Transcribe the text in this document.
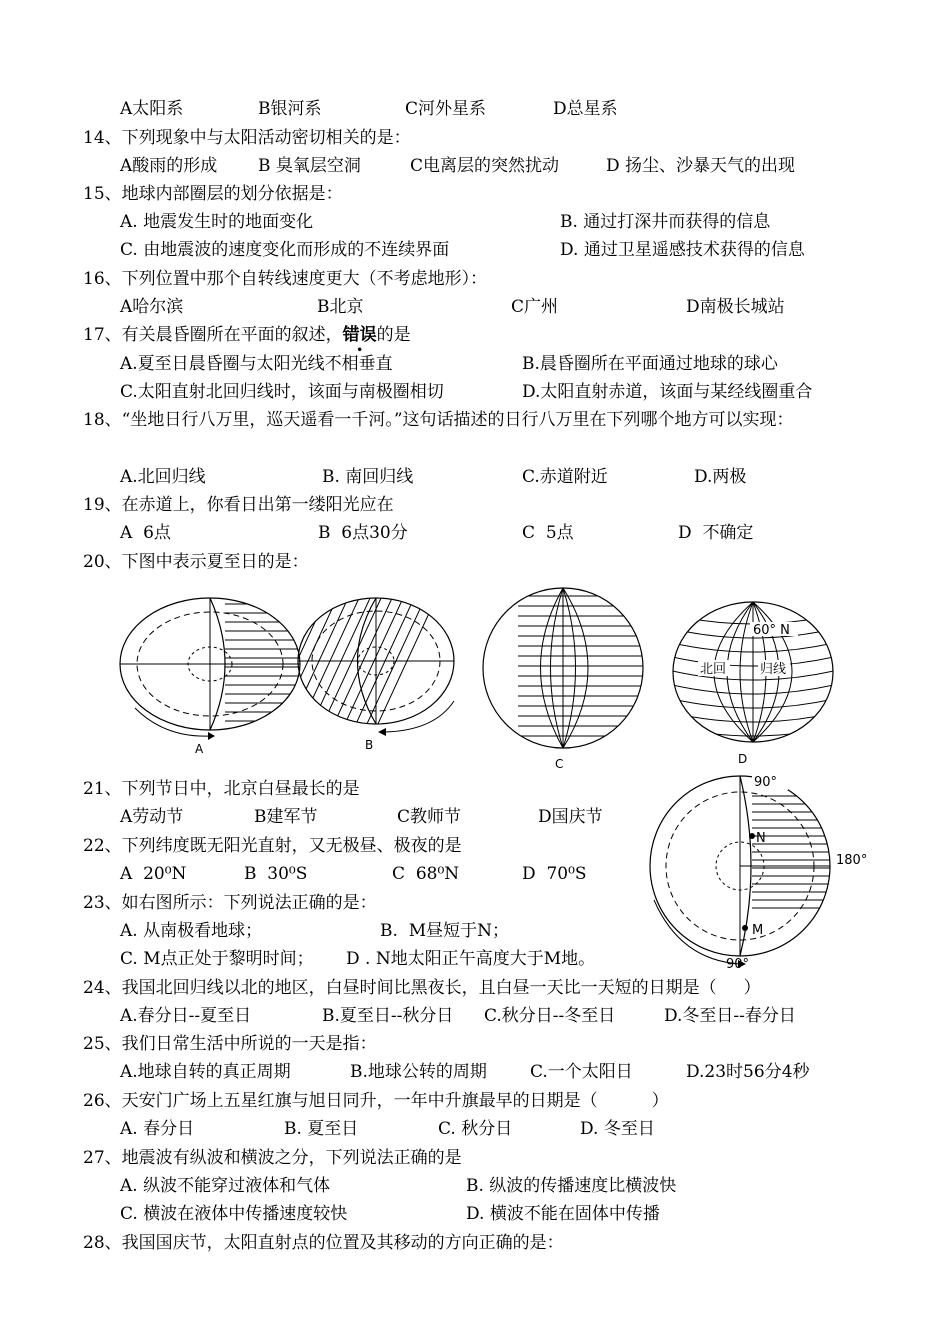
A太阳系	B银河系	C河外星系	D总星系
14、下列现象中与太阳活动密切相关的是：
A酸雨的形成 B 臭氧层空洞	C电离层的突然扰动	D 扬尘、沙暴天气的出现
15、地球内部圈层的划分依据是：
A. 地震发生时的地面变化	B. 通过打深井而获得的信息
C. 由地震波的速度变化而形成的不连续界面	D. 通过卫星遥感技术获得的信息
16、下列位置中那个自转线速度更大（不考虑地形）：
A哈尔滨	B北京	C广州	D南极长城站
A.夏至日晨昏圈与太阳光线不相垂直	B.晨昏圈所在平面通过地球的球心
C.太阳直射北回归线时，该面与南极圈相切	D.太阳直射赤道，该面与某经线圈重合
18、“坐地日行八万里，巡天遥看一千河。”这句话描述的日行八万里在下列哪个地方可以实现：
A.北回归线	B. 南回归线	C.赤道附近	D.两极
19、在赤道上，你看日出第一缕阳光应在
A  6点	B  6点30分	C  5点	D  不确定
20、下图中表示夏至日的是：
21、下列节日中，北京白昼最长的是
A劳动节	B建军节	C教师节	D国庆节
22、下列纬度既无阳光直射，又无极昼、极夜的是
A  20⁰N	B  30⁰S	C  68⁰N	D  70⁰S
23、如右图所示：下列说法正确的是：
A. 从南极看地球；	B.  M昼短于N；
C. M点正处于黎明时间； D . N地太阳正午高度大于M地。
24、我国北回归线以北的地区，白昼时间比黑夜长，且白昼一天比一天短的日期是（     ）
A.春分日--夏至日	B.夏至日--秋分日 C.秋分日--冬至日	D.冬至日--春分日
25、我们日常生活中所说的一天是指：
A.地球自转的真正周期	B.地球公转的周期	C.一个太阳日	D.23时56分4秒
26、天安门广场上五星红旗与旭日同升，一年中升旗最早的日期是（          ）
A. 春分日	B. 夏至日	C. 秋分日	D. 冬至日
27、地震波有纵波和横波之分，下列说法正确的是
A. 纵波不能穿过液体和气体	B. 纵波的传播速度比横波快
C. 横波在液体中传播速度较快	D. 横波不能在固体中传播
28、我国国庆节，太阳直射点的位置及其移动的方向正确的是：
17、有关晨昏圈所在平面的叙述，错误的是
60° N
北回	归线
A	B
C	D
90°
N
M
90°
180°
